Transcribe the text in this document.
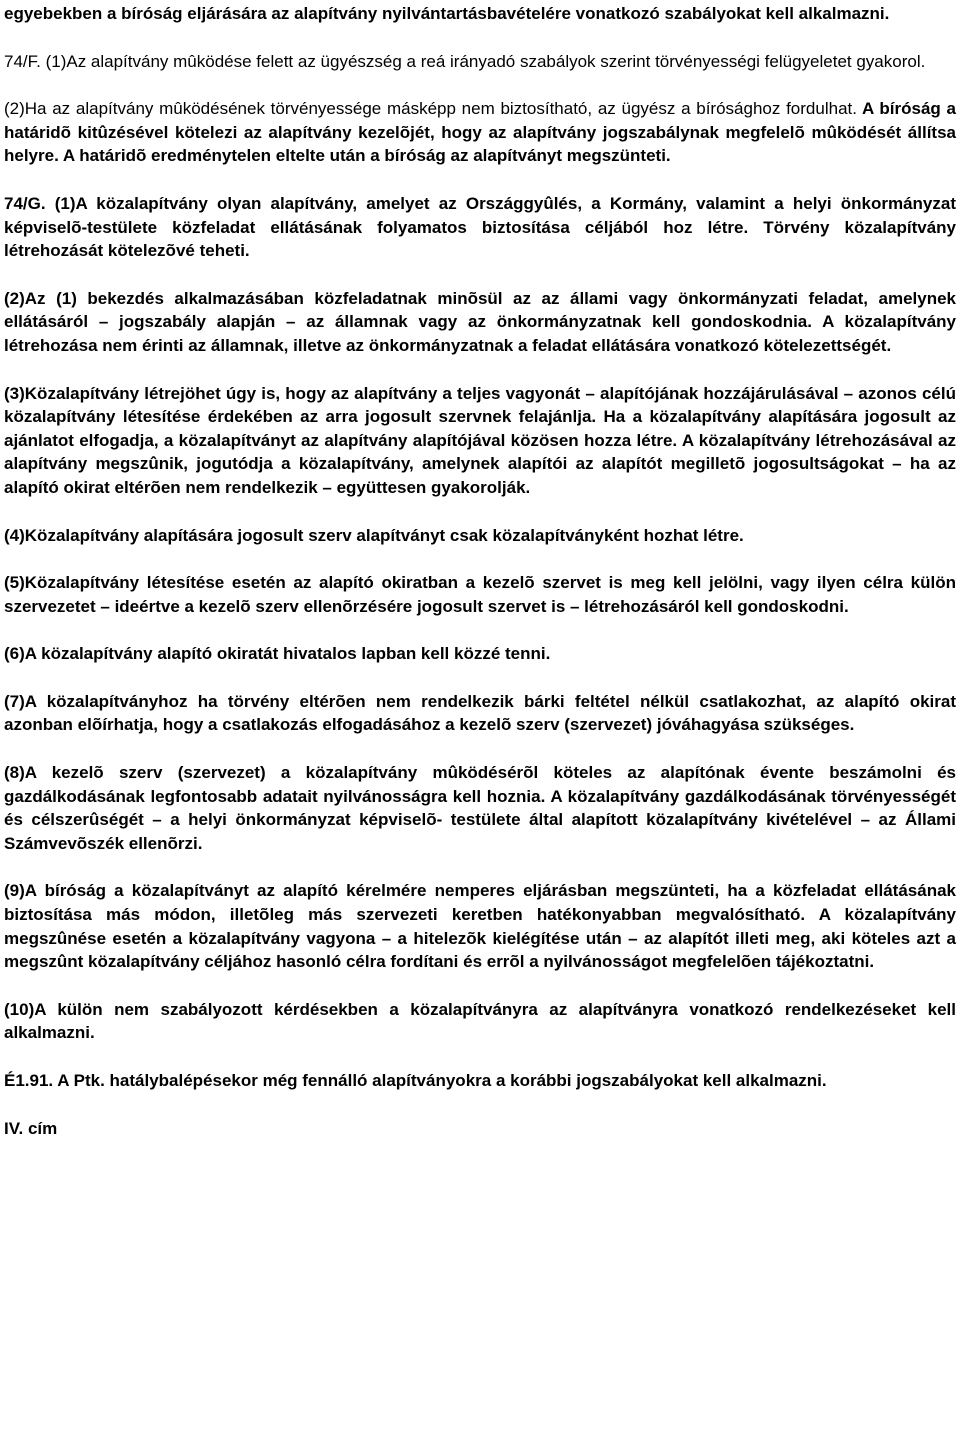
egyebekben a bíróság eljárására az alapítvány nyilvántartásbavételére vonatkozó szabályokat kell alkalmazni.

74/F. (1)Az alapítvány mûködése felett az ügyészség a reá irányadó szabályok szerint törvényességi felügyeletet gyakorol.

(2)Ha az alapítvány mûködésének törvényessége másképp nem biztosítható, az ügyész a bírósághoz fordulhat. A bíróság a határidõ kitûzésével kötelezi az alapítvány kezelõjét, hogy az alapítvány jogszabálynak megfelelõ mûködését állítsa helyre. A határidõ eredménytelen eltelte után a bíróság az alapítványt megszünteti.

74/G. (1)A közalapítvány olyan alapítvány, amelyet az Országgyûlés, a Kormány, valamint a helyi önkormányzat képviselõ-testülete közfeladat ellátásának folyamatos biztosítása céljából hoz létre. Törvény közalapítvány létrehozását kötelezõvé teheti.

(2)Az (1) bekezdés alkalmazásában közfeladatnak minõsül az az állami vagy önkormányzati feladat, amelynek ellátásáról – jogszabály alapján – az államnak vagy az önkormányzatnak kell gondoskodnia. A közalapítvány létrehozása nem érinti az államnak, illetve az önkormányzatnak a feladat ellátására vonatkozó kötelezettségét.

(3)Közalapítvány létrejöhet úgy is, hogy az alapítvány a teljes vagyonát – alapítójának hozzájárulásával – azonos célú közalapítvány létesítése érdekében az arra jogosult szervnek felajánlja. Ha a közalapítvány alapítására jogosult az ajánlatot elfogadja, a közalapítványt az alapítvány alapítójával közösen hozza létre. A közalapítvány létrehozásával az alapítvány megszûnik, jogutódja a közalapítvány, amelynek alapítói az alapítót megilletõ jogosultságokat – ha az alapító okirat eltérõen nem rendelkezik – együttesen gyakorolják.

(4)Közalapítvány alapítására jogosult szerv alapítványt csak közalapítványként hozhat létre.

(5)Közalapítvány létesítése esetén az alapító okiratban a kezelõ szervet is meg kell jelölni, vagy ilyen célra külön szervezetet – ideértve a kezelõ szerv ellenõrzésére jogosult szervet is – létrehozásáról kell gondoskodni.

(6)A közalapítvány alapító okiratát hivatalos lapban kell közzé tenni.

(7)A közalapítványhoz ha törvény eltérõen nem rendelkezik bárki feltétel nélkül csatlakozhat, az alapító okirat azonban elõírhatja, hogy a csatlakozás elfogadásához a kezelõ szerv (szervezet) jóváhagyása szükséges.

(8)A kezelõ szerv (szervezet) a közalapítvány mûködésérõl köteles az alapítónak évente beszámolni és gazdálkodásának legfontosabb adatait nyilvánosságra kell hoznia. A közalapítvány gazdálkodásának törvényességét és célszerûségét – a helyi önkormányzat képviselõ- testülete által alapított közalapítvány kivételével – az Állami Számvevõszék ellenõrzi.

(9)A bíróság a közalapítványt az alapító kérelmére nemperes eljárásban megszünteti, ha a közfeladat ellátásának biztosítása más módon, illetõleg más szervezeti keretben hatékonyabban megvalósítható. A közalapítvány megszûnése esetén a közalapítvány vagyona – a hitelezõk kielégítése után – az alapítót illeti meg, aki köteles azt a megszûnt közalapítvány céljához hasonló célra fordítani és errõl a nyilvánosságot megfelelõen tájékoztatni.

(10)A külön nem szabályozott kérdésekben a közalapítványra az alapítványra vonatkozó rendelkezéseket kell alkalmazni.

É1.91. A Ptk. hatálybalépésekor még fennálló alapítványokra a korábbi jogszabályokat kell alkalmazni.

IV. cím
